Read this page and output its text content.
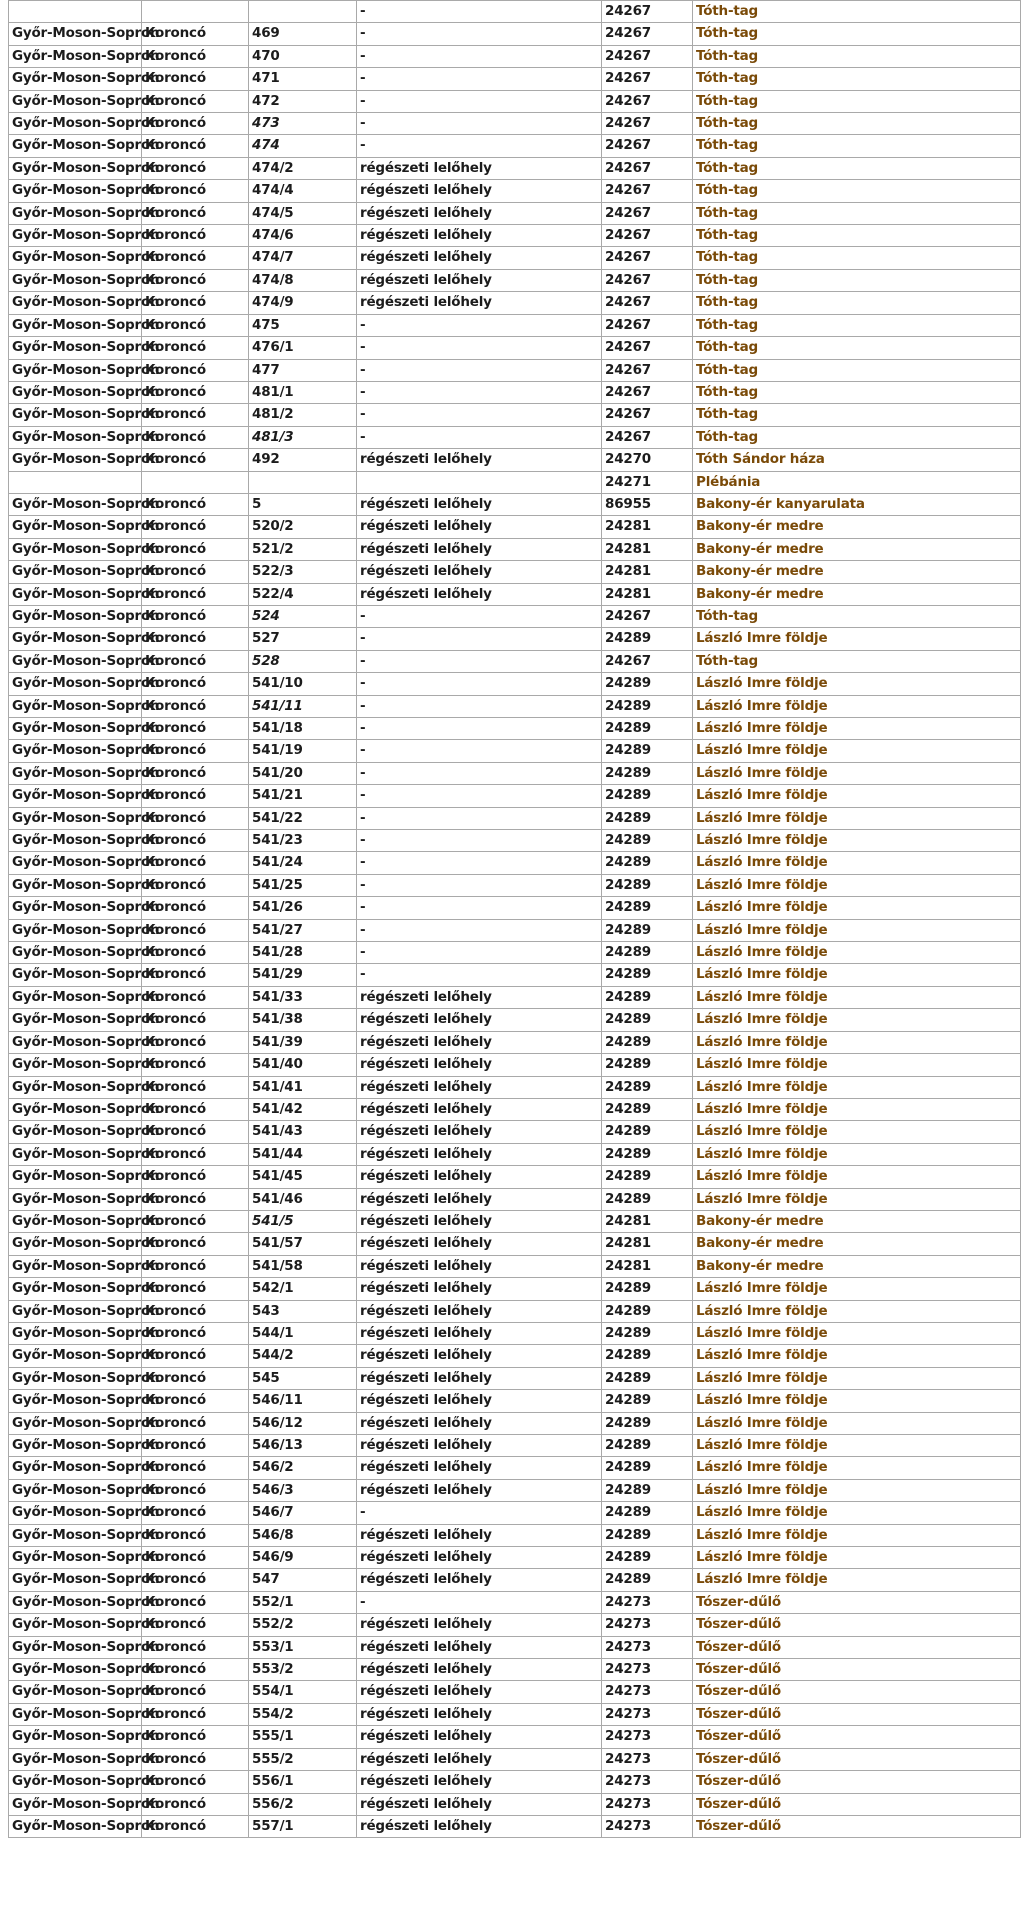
			-	24267	Tóth-tag
Győr-Moson-Sopron	Koroncó	469	-	24267	Tóth-tag
Győr-Moson-Sopron	Koroncó	470	-	24267	Tóth-tag
Győr-Moson-Sopron	Koroncó	471	-	24267	Tóth-tag
Győr-Moson-Sopron	Koroncó	472	-	24267	Tóth-tag
Győr-Moson-Sopron	Koroncó	473	-	24267	Tóth-tag
Győr-Moson-Sopron	Koroncó	474	-	24267	Tóth-tag
Győr-Moson-Sopron	Koroncó	474/2	régészeti lelőhely	24267	Tóth-tag
Győr-Moson-Sopron	Koroncó	474/4	régészeti lelőhely	24267	Tóth-tag
Győr-Moson-Sopron	Koroncó	474/5	régészeti lelőhely	24267	Tóth-tag
Győr-Moson-Sopron	Koroncó	474/6	régészeti lelőhely	24267	Tóth-tag
Győr-Moson-Sopron	Koroncó	474/7	régészeti lelőhely	24267	Tóth-tag
Győr-Moson-Sopron	Koroncó	474/8	régészeti lelőhely	24267	Tóth-tag
Győr-Moson-Sopron	Koroncó	474/9	régészeti lelőhely	24267	Tóth-tag
Győr-Moson-Sopron	Koroncó	475	-	24267	Tóth-tag
Győr-Moson-Sopron	Koroncó	476/1	-	24267	Tóth-tag
Győr-Moson-Sopron	Koroncó	477	-	24267	Tóth-tag
Győr-Moson-Sopron	Koroncó	481/1	-	24267	Tóth-tag
Győr-Moson-Sopron	Koroncó	481/2	-	24267	Tóth-tag
Győr-Moson-Sopron	Koroncó	481/3	-	24267	Tóth-tag
Győr-Moson-Sopron	Koroncó	492	régészeti lelőhely	24270	Tóth Sándor háza
				24271	Plébánia
Győr-Moson-Sopron	Koroncó	5	régészeti lelőhely	86955	Bakony-ér kanyarulata
Győr-Moson-Sopron	Koroncó	520/2	régészeti lelőhely	24281	Bakony-ér medre
Győr-Moson-Sopron	Koroncó	521/2	régészeti lelőhely	24281	Bakony-ér medre
Győr-Moson-Sopron	Koroncó	522/3	régészeti lelőhely	24281	Bakony-ér medre
Győr-Moson-Sopron	Koroncó	522/4	régészeti lelőhely	24281	Bakony-ér medre
Győr-Moson-Sopron	Koroncó	524	-	24267	Tóth-tag
Győr-Moson-Sopron	Koroncó	527	-	24289	László Imre földje
Győr-Moson-Sopron	Koroncó	528	-	24267	Tóth-tag
Győr-Moson-Sopron	Koroncó	541/10	-	24289	László Imre földje
Győr-Moson-Sopron	Koroncó	541/11	-	24289	László Imre földje
Győr-Moson-Sopron	Koroncó	541/18	-	24289	László Imre földje
Győr-Moson-Sopron	Koroncó	541/19	-	24289	László Imre földje
Győr-Moson-Sopron	Koroncó	541/20	-	24289	László Imre földje
Győr-Moson-Sopron	Koroncó	541/21	-	24289	László Imre földje
Győr-Moson-Sopron	Koroncó	541/22	-	24289	László Imre földje
Győr-Moson-Sopron	Koroncó	541/23	-	24289	László Imre földje
Győr-Moson-Sopron	Koroncó	541/24	-	24289	László Imre földje
Győr-Moson-Sopron	Koroncó	541/25	-	24289	László Imre földje
Győr-Moson-Sopron	Koroncó	541/26	-	24289	László Imre földje
Győr-Moson-Sopron	Koroncó	541/27	-	24289	László Imre földje
Győr-Moson-Sopron	Koroncó	541/28	-	24289	László Imre földje
Győr-Moson-Sopron	Koroncó	541/29	-	24289	László Imre földje
Győr-Moson-Sopron	Koroncó	541/33	régészeti lelőhely	24289	László Imre földje
Győr-Moson-Sopron	Koroncó	541/38	régészeti lelőhely	24289	László Imre földje
Győr-Moson-Sopron	Koroncó	541/39	régészeti lelőhely	24289	László Imre földje
Győr-Moson-Sopron	Koroncó	541/40	régészeti lelőhely	24289	László Imre földje
Győr-Moson-Sopron	Koroncó	541/41	régészeti lelőhely	24289	László Imre földje
Győr-Moson-Sopron	Koroncó	541/42	régészeti lelőhely	24289	László Imre földje
Győr-Moson-Sopron	Koroncó	541/43	régészeti lelőhely	24289	László Imre földje
Győr-Moson-Sopron	Koroncó	541/44	régészeti lelőhely	24289	László Imre földje
Győr-Moson-Sopron	Koroncó	541/45	régészeti lelőhely	24289	László Imre földje
Győr-Moson-Sopron	Koroncó	541/46	régészeti lelőhely	24289	László Imre földje
Győr-Moson-Sopron	Koroncó	541/5	régészeti lelőhely	24281	Bakony-ér medre
Győr-Moson-Sopron	Koroncó	541/57	régészeti lelőhely	24281	Bakony-ér medre
Győr-Moson-Sopron	Koroncó	541/58	régészeti lelőhely	24281	Bakony-ér medre
Győr-Moson-Sopron	Koroncó	542/1	régészeti lelőhely	24289	László Imre földje
Győr-Moson-Sopron	Koroncó	543	régészeti lelőhely	24289	László Imre földje
Győr-Moson-Sopron	Koroncó	544/1	régészeti lelőhely	24289	László Imre földje
Győr-Moson-Sopron	Koroncó	544/2	régészeti lelőhely	24289	László Imre földje
Győr-Moson-Sopron	Koroncó	545	régészeti lelőhely	24289	László Imre földje
Győr-Moson-Sopron	Koroncó	546/11	régészeti lelőhely	24289	László Imre földje
Győr-Moson-Sopron	Koroncó	546/12	régészeti lelőhely	24289	László Imre földje
Győr-Moson-Sopron	Koroncó	546/13	régészeti lelőhely	24289	László Imre földje
Győr-Moson-Sopron	Koroncó	546/2	régészeti lelőhely	24289	László Imre földje
Győr-Moson-Sopron	Koroncó	546/3	régészeti lelőhely	24289	László Imre földje
Győr-Moson-Sopron	Koroncó	546/7	-	24289	László Imre földje
Győr-Moson-Sopron	Koroncó	546/8	régészeti lelőhely	24289	László Imre földje
Győr-Moson-Sopron	Koroncó	546/9	régészeti lelőhely	24289	László Imre földje
Győr-Moson-Sopron	Koroncó	547	régészeti lelőhely	24289	László Imre földje
Győr-Moson-Sopron	Koroncó	552/1	-	24273	Tószer-dűlő
Győr-Moson-Sopron	Koroncó	552/2	régészeti lelőhely	24273	Tószer-dűlő
Győr-Moson-Sopron	Koroncó	553/1	régészeti lelőhely	24273	Tószer-dűlő
Győr-Moson-Sopron	Koroncó	553/2	régészeti lelőhely	24273	Tószer-dűlő
Győr-Moson-Sopron	Koroncó	554/1	régészeti lelőhely	24273	Tószer-dűlő
Győr-Moson-Sopron	Koroncó	554/2	régészeti lelőhely	24273	Tószer-dűlő
Győr-Moson-Sopron	Koroncó	555/1	régészeti lelőhely	24273	Tószer-dűlő
Győr-Moson-Sopron	Koroncó	555/2	régészeti lelőhely	24273	Tószer-dűlő
Győr-Moson-Sopron	Koroncó	556/1	régészeti lelőhely	24273	Tószer-dűlő
Győr-Moson-Sopron	Koroncó	556/2	régészeti lelőhely	24273	Tószer-dűlő
Győr-Moson-Sopron	Koroncó	557/1	régészeti lelőhely	24273	Tószer-dűlő
